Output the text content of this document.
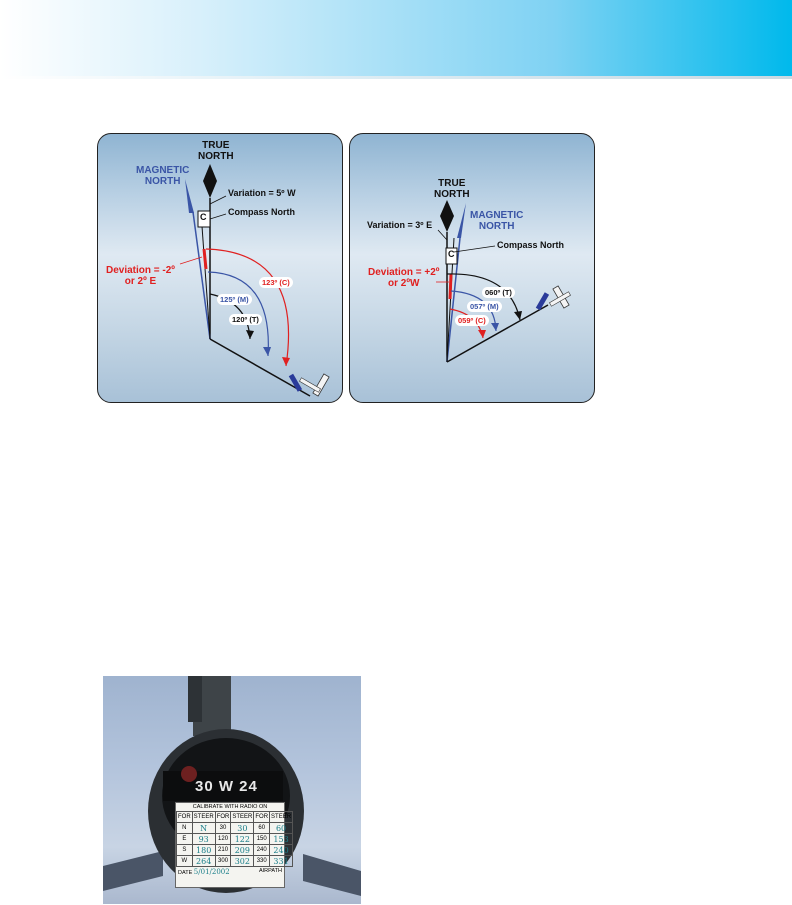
TRUE
NORTH
MAGNETIC
NORTH
Variation = 5º W
C Compass North
Deviation = -2º
or 2º E	123º (C)
125º (M)
120º (T)
TRUE
NORTH
MAGNETIC
NORTH
Variation = 3º E
C
Compass North
Deviation = +2º
or 2ºW
060º (T)
057º (M)
059º (C)
30 W 24
CALIBRATE WITH RADIO ON
FOR	STEER	FOR	STEER	FOR	STEER
N	N	30	30	60	60
E	93	120	122	150	153
S	180	210	209	240	240
W	264	300	302	330	331
DATE 5/01/2002	AIRPATH
